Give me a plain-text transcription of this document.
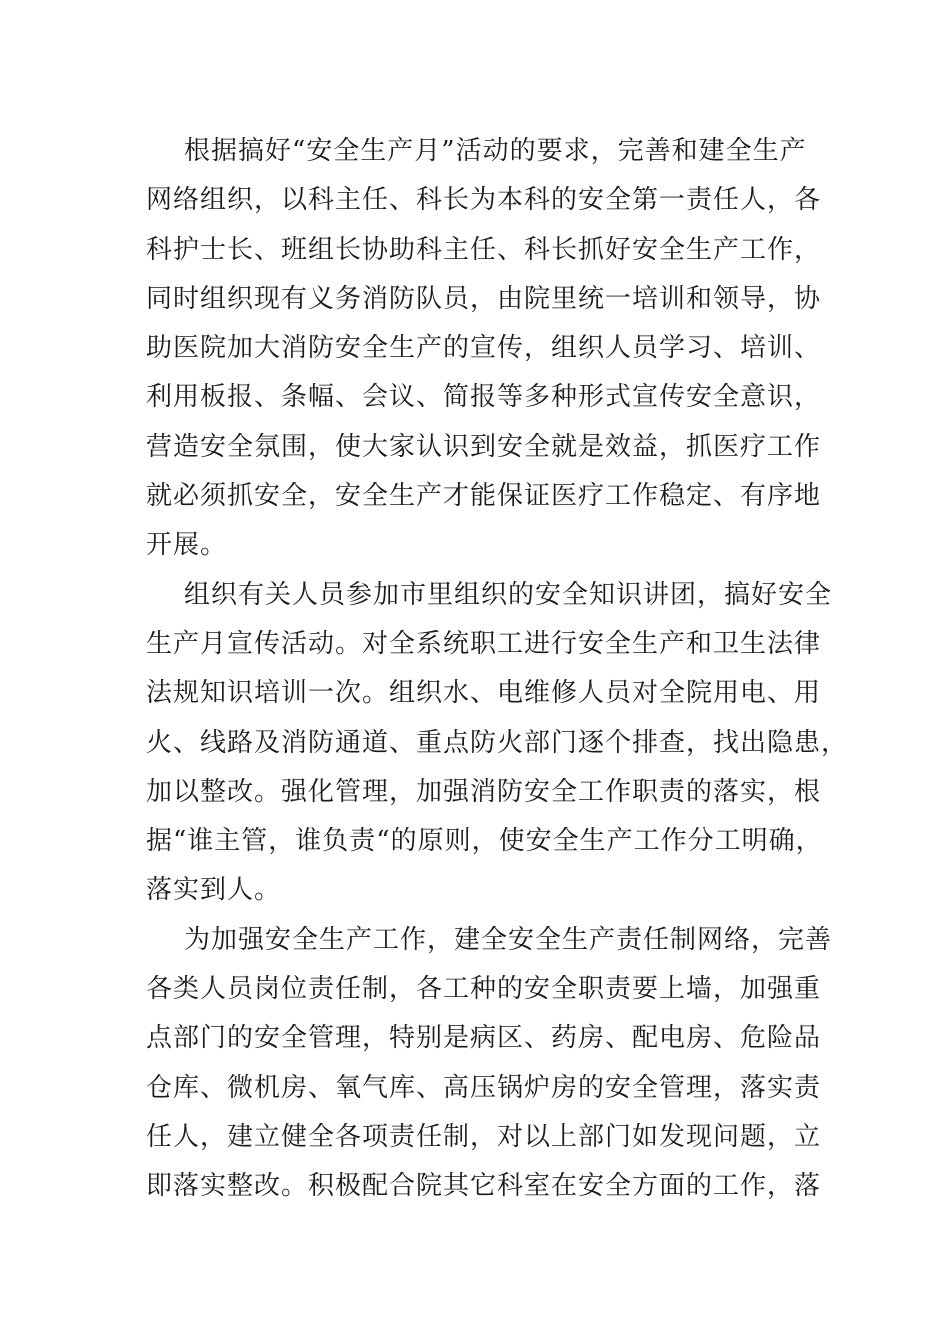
根据搞好“安全生产月”活动的要求，完善和建全生产
网络组织，以科主任、科长为本科的安全第一责任人，各
科护士长、班组长协助科主任、科长抓好安全生产工作，
同时组织现有义务消防队员，由院里统一培训和领导，协
助医院加大消防安全生产的宣传，组织人员学习、培训、
利用板报、条幅、会议、简报等多种形式宣传安全意识，
营造安全氛围，使大家认识到安全就是效益，抓医疗工作
就必须抓安全，安全生产才能保证医疗工作稳定、有序地
开展。
组织有关人员参加市里组织的安全知识讲团，搞好安全
生产月宣传活动。对全系统职工进行安全生产和卫生法律
法规知识培训一次。组织水、电维修人员对全院用电、用
火、线路及消防通道、重点防火部门逐个排查，找出隐患，
加以整改。强化管理，加强消防安全工作职责的落实，根
据“谁主管，谁负责“的原则，使安全生产工作分工明确，
落实到人。
为加强安全生产工作，建全安全生产责任制网络，完善
各类人员岗位责任制，各工种的安全职责要上墙，加强重
点部门的安全管理，特别是病区、药房、配电房、危险品
仓库、微机房、氧气库、高压锅炉房的安全管理，落实责
任人，建立健全各项责任制，对以上部门如发现问题，立
即落实整改。积极配合院其它科室在安全方面的工作，落
